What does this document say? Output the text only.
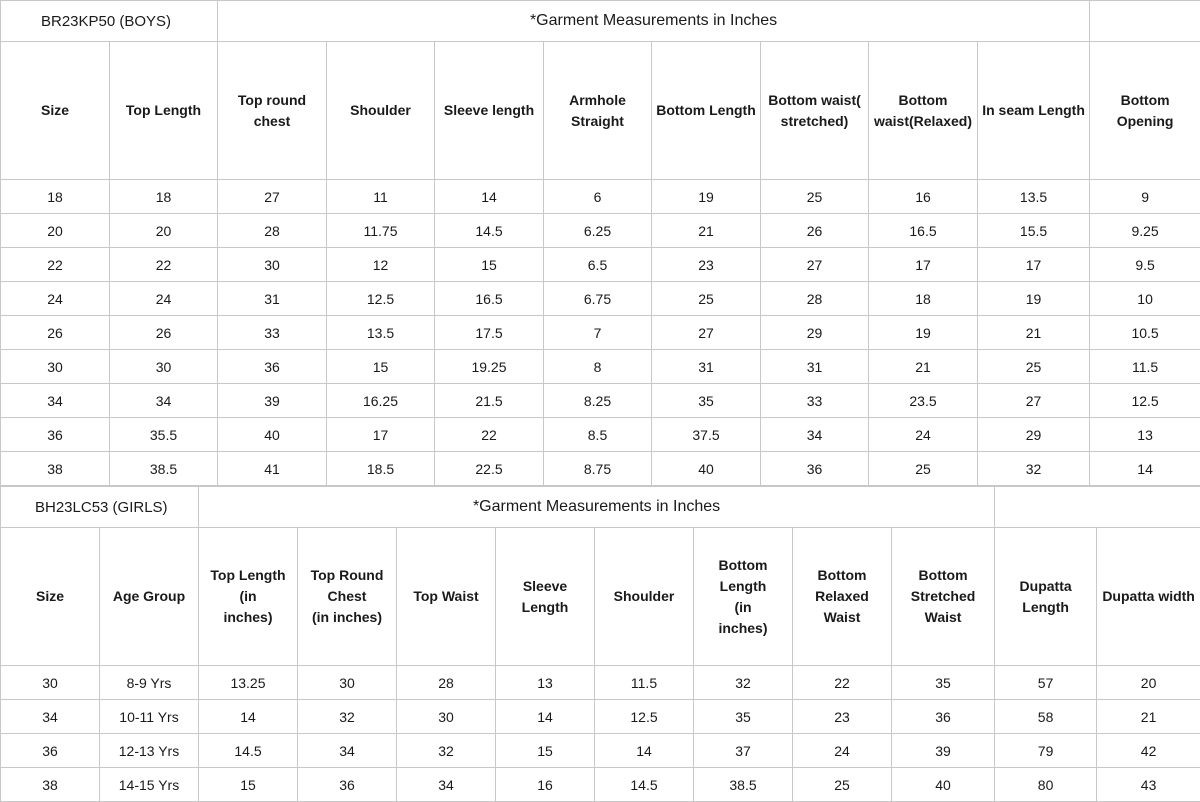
BR23KP50 (BOYS)		*Garment Measurements in Inches								
Size	Top Length	Top round chest	Shoulder	Sleeve length	Armhole
Straight	Bottom Length	Bottom waist(
stretched)	Bottom
waist(Relaxed)	In seam Length	Bottom Opening
18	18	27	11	14	6	19	25	16	13.5	9
20	20	28	11.75	14.5	6.25	21	26	16.5	15.5	9.25
22	22	30	12	15	6.5	23	27	17	17	9.5
24	24	31	12.5	16.5	6.75	25	28	18	19	10
26	26	33	13.5	17.5	7	27	29	19	21	10.5
30	30	36	15	19.25	8	31	31	21	25	11.5
34	34	39	16.25	21.5	8.25	35	33	23.5	27	12.5
36	35.5	40	17	22	8.5	37.5	34	24	29	13
38	38.5	41	18.5	22.5	8.75	40	36	25	32	14
BH23LC53 (GIRLS)		*Garment Measurements in Inches									
Size	Age Group	Top Length (in
inches)	Top Round
Chest
(in inches)	Top Waist	Sleeve Length	Shoulder	Bottom Length
(in
inches)	Bottom
Relaxed
Waist	Bottom
Stretched
Waist	Dupatta Length	Dupatta width
30	8-9 Yrs	13.25	30	28	13	11.5	32	22	35	57	20
34	10-11 Yrs	14	32	30	14	12.5	35	23	36	58	21
36	12-13 Yrs	14.5	34	32	15	14	37	24	39	79	42
38	14-15 Yrs	15	36	34	16	14.5	38.5	25	40	80	43
